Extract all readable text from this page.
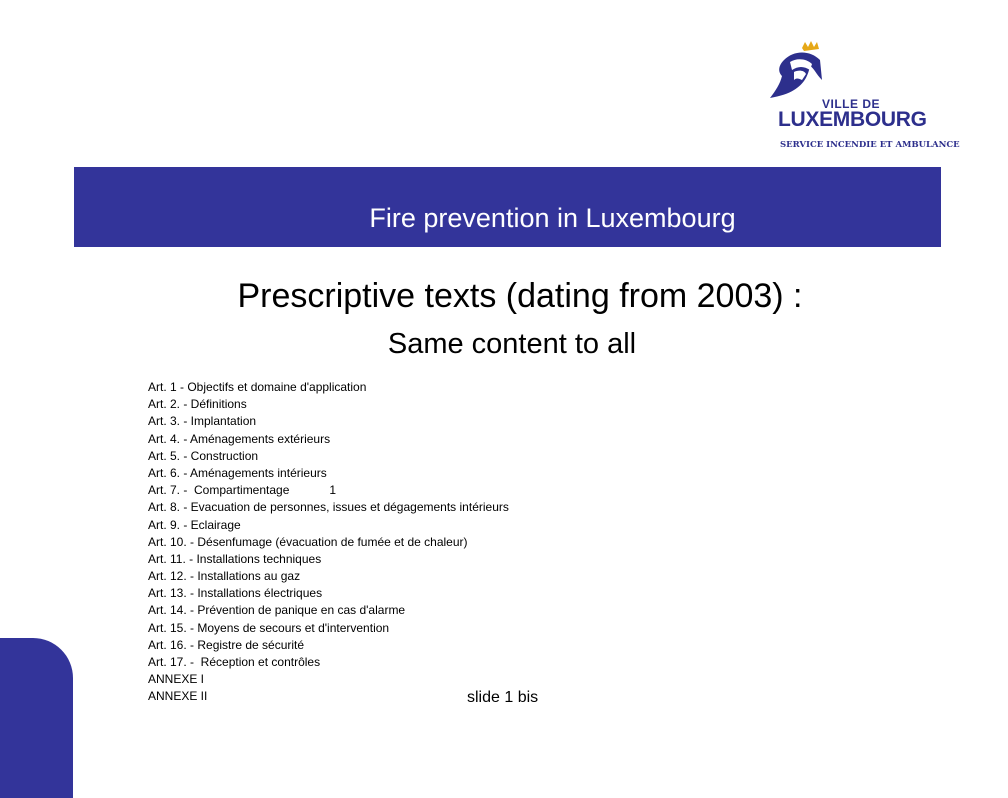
VILLE DE
LUXEMBOURG
SERVICE INCENDIE ET AMBULANCE
Fire prevention in Luxembourg
Prescriptive texts (dating from 2003) :
Same content to all
Art. 1 - Objectifs et domaine d'application
Art. 2. - Définitions
Art. 3. - Implantation
Art. 4. - Aménagements extérieurs
Art. 5. - Construction
Art. 6. - Aménagements intérieurs
Art. 7. -  Compartimentage            1
Art. 8. - Evacuation de personnes, issues et dégagements intérieurs
Art. 9. - Eclairage
Art. 10. - Désenfumage (évacuation de fumée et de chaleur)
Art. 11. - Installations techniques
Art. 12. - Installations au gaz
Art. 13. - Installations électriques
Art. 14. - Prévention de panique en cas d'alarme
Art. 15. - Moyens de secours et d'intervention
Art. 16. - Registre de sécurité
Art. 17. -  Réception et contrôles
ANNEXE I
ANNEXE II	slide 1 bis
